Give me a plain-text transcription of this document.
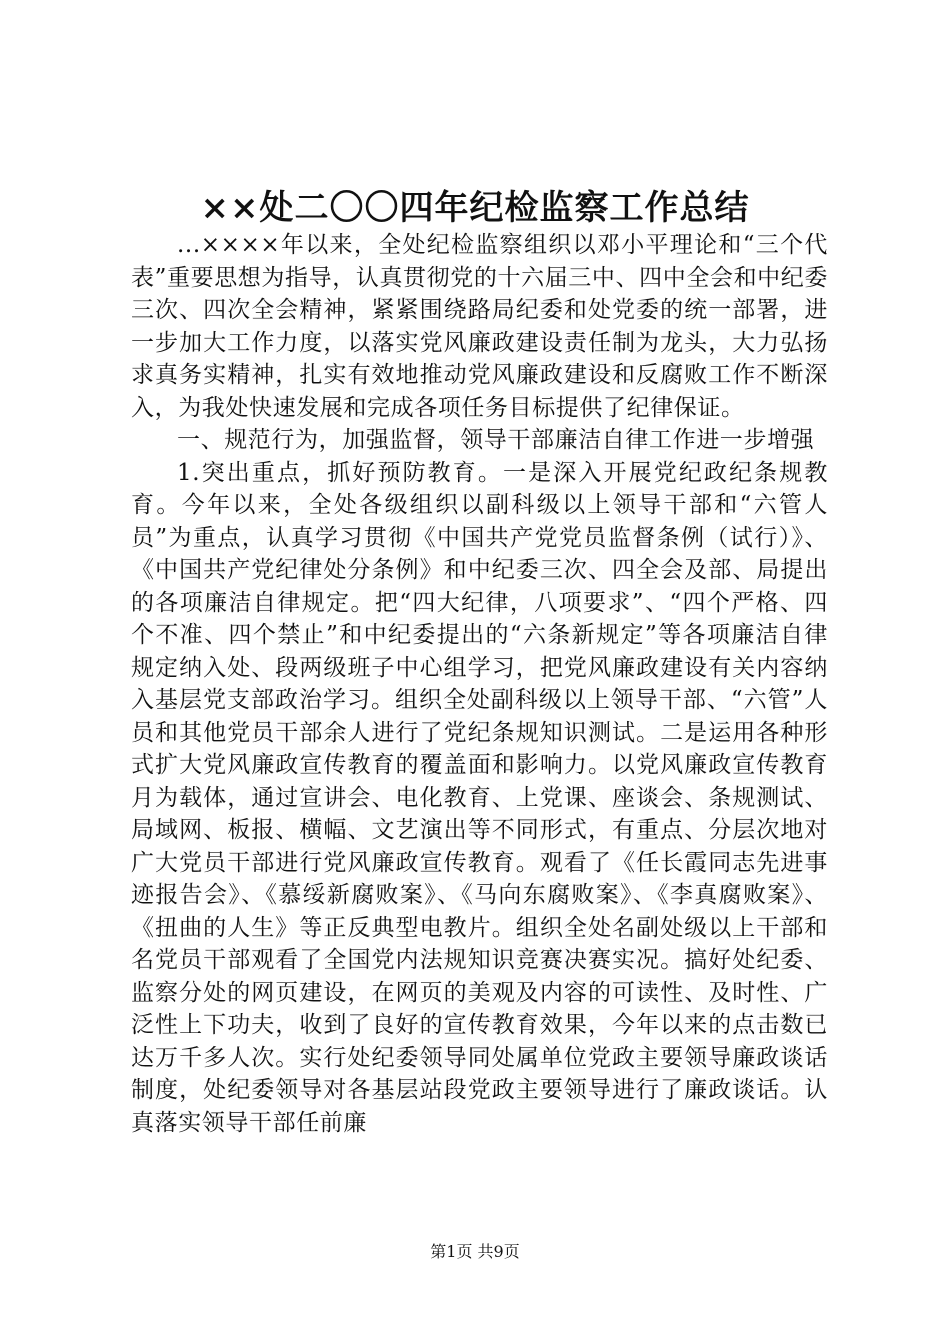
××处二〇〇四年纪检监察工作总结

...××××年以来，全处纪检监察组织以邓小平理论和“三个代表”重要思想为指导，认真贯彻党的十六届三中、四中全会和中纪委三次、四次全会精神，紧紧围绕路局纪委和处党委的统一部署，进一步加大工作力度，以落实党风廉政建设责任制为龙头，大力弘扬求真务实精神，扎实有效地推动党风廉政建设和反腐败工作不断深入，为我处快速发展和完成各项任务目标提供了纪律保证。

一、规范行为，加强监督，领导干部廉洁自律工作进一步增强

1.突出重点，抓好预防教育。一是深入开展党纪政纪条规教育。今年以来，全处各级组织以副科级以上领导干部和“六管人员”为重点，认真学习贯彻《中国共产党党员监督条例（试行）》、《中国共产党纪律处分条例》和中纪委三次、四全会及部、局提出的各项廉洁自律规定。把“四大纪律，八项要求”、“四个严格、四个不准、四个禁止”和中纪委提出的“六条新规定”等各项廉洁自律规定纳入处、段两级班子中心组学习，把党风廉政建设有关内容纳入基层党支部政治学习。组织全处副科级以上领导干部、“六管”人员和其他党员干部余人进行了党纪条规知识测试。二是运用各种形式扩大党风廉政宣传教育的覆盖面和影响力。以党风廉政宣传教育月为载体，通过宣讲会、电化教育、上党课、座谈会、条规测试、局域网、板报、横幅、文艺演出等不同形式，有重点、分层次地对广大党员干部进行党风廉政宣传教育。观看了《任长霞同志先进事迹报告会》、《慕绥新腐败案》、《马向东腐败案》、《李真腐败案》、《扭曲的人生》等正反典型电教片。组织全处名副处级以上干部和名党员干部观看了全国党内法规知识竞赛决赛实况。搞好处纪委、监察分处的网页建设，在网页的美观及内容的可读性、及时性、广泛性上下功夫，收到了良好的宣传教育效果，今年以来的点击数已达万千多人次。实行处纪委领导同处属单位党政主要领导廉政谈话制度，处纪委领导对各基层站段党政主要领导进行了廉政谈话。认真落实领导干部任前廉

第1页 共9页
